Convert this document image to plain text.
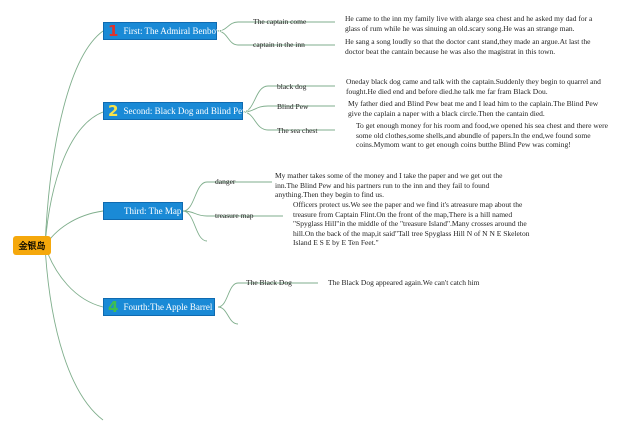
金银岛
1 First: The Admiral Benbow
2 Second: Black Dog and Blind Pew
Third: The Map
4 Fourth:The Apple Barrel
The captain come
captain in the inn
He came to the inn my family live with alarge sea chest and he asked my dad for a glass of rum while he was sinuing an old.scary song.He was an strange man.
He sang a song loudly so that the doctor cant stand,they made an argue.At last the doctor beat the cantain because he was also the magistrat in this town.
black dog
Blind Pew
The sea chest
Oneday black dog came and talk with the captain.Suddenly they begin to quarrel and fought.He died end and before died.he talk me far fram Black Dou.
My father died and Blind Pew beat me and I lead him to the caplain.The Blind Pew give the caplain a naper with a black circle.Then the cantain died.
To get enough money for his room and food,we opened his sea chest and there were some old clothes,some shells,and abundle of papers.In the end,we found some coins.Mymom want to get enough coins butthe Blind Pew was coming!
danger
treasure map
My mather takes some of the money and I take the paper and we get out the inn.The Blind Pew and his partners run to the inn and they fail to found anything.Then they begin to find us.
Officers protect us.We see the paper and we find it's atreasure map about the treasure from Captain Flint.On the front of the map,There is a hill named "Spyglass Hill"in the middle of the "treasure Island".Many crosses around the hill.On the back of the map,it said"Tall tree Spyglass Hill N of N N E Skeleton Island E S E by E Ten Feet."
The Black Dog	The Black Dog appeared again.We can't catch him
